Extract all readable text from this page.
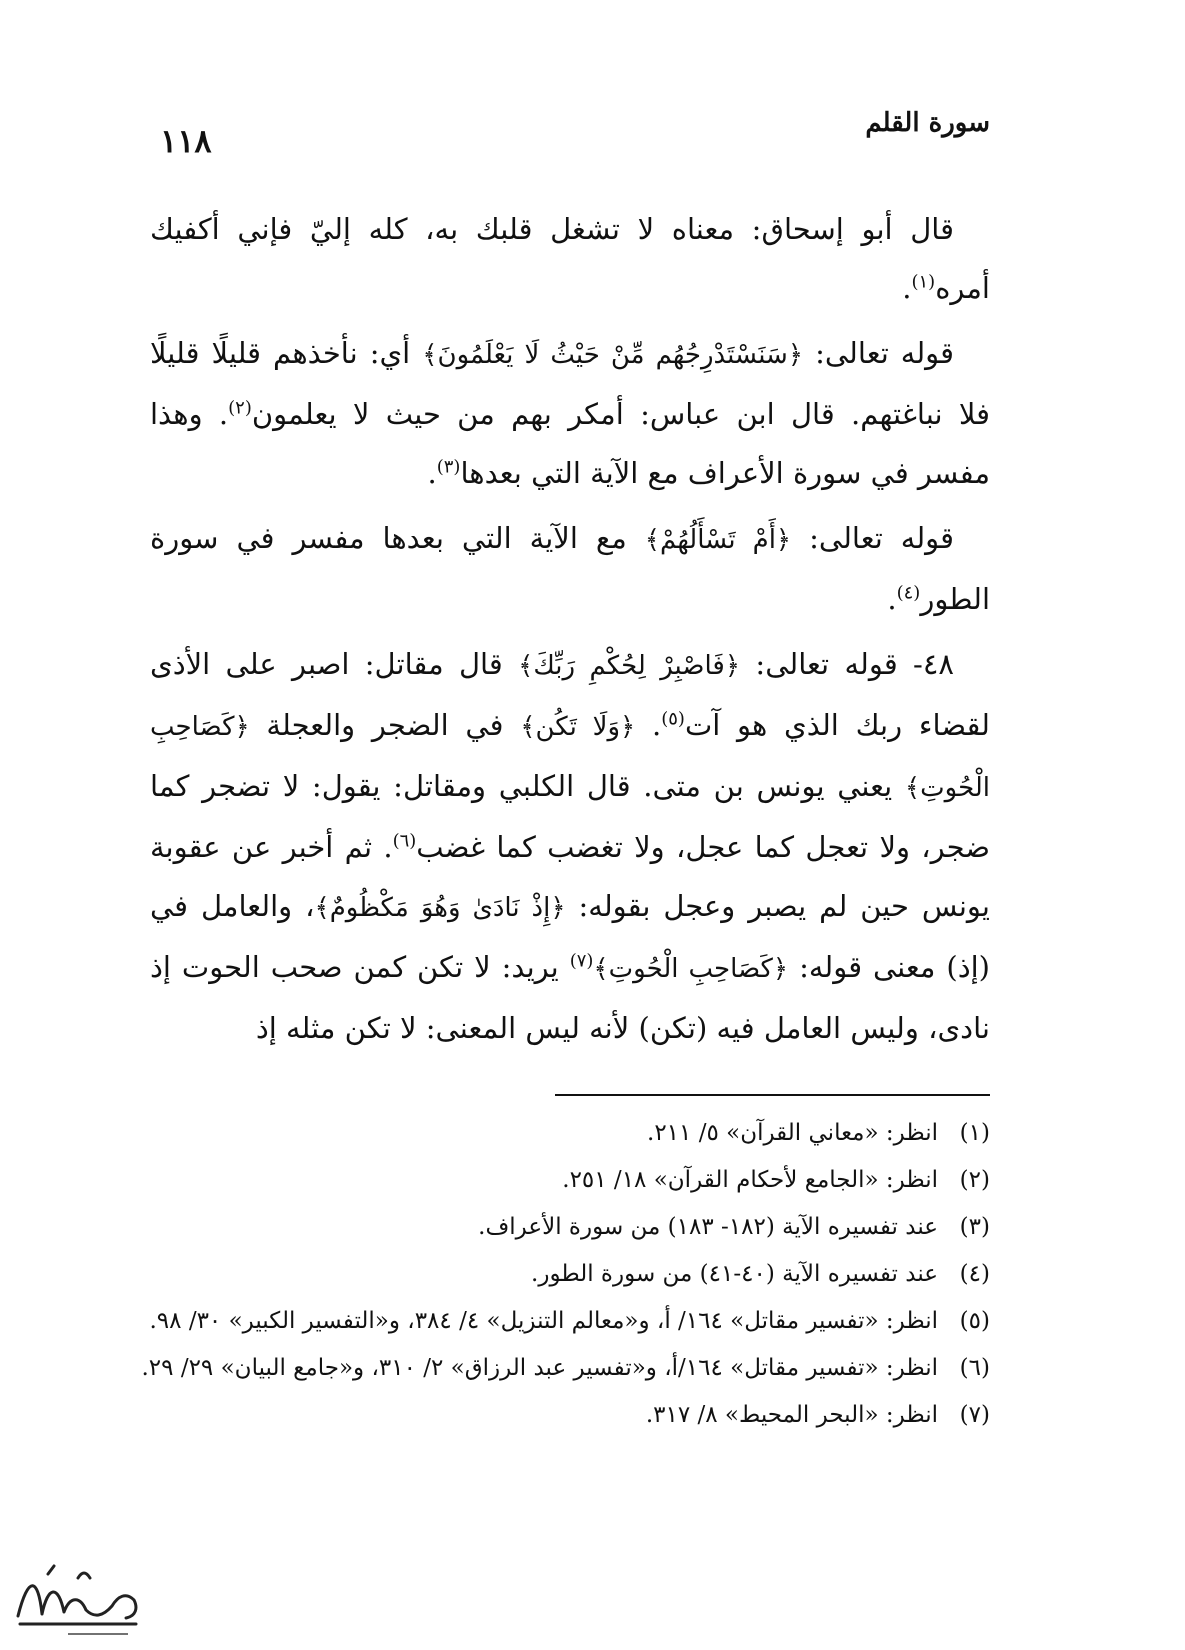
١١٨	سورة القلم

قال أبو إسحاق: معناه لا تشغل قلبك به، كله إليّ فإني أكفيك أمره$^{(١)}$.

قوله تعالى: ﴿سَنَسْتَدْرِجُهُم مِّنْ حَيْثُ لَا يَعْلَمُونَ﴾ أي: نأخذهم قليلًا قليلًا فلا نباغتهم. قال ابن عباس: أمكر بهم من حيث لا يعلمون$^{(٢)}$. وهذا مفسر في سورة الأعراف مع الآية التي بعدها$^{(٣)}$.

قوله تعالى: ﴿أَمْ تَسْأَلُهُمْ﴾ مع الآية التي بعدها مفسر في سورة الطور$^{(٤)}$.

٤٨- قوله تعالى: ﴿فَاصْبِرْ لِحُكْمِ رَبِّكَ﴾ قال مقاتل: اصبر على الأذى لقضاء ربك الذي هو آت$^{(٥)}$. ﴿وَلَا تَكُن﴾ في الضجر والعجلة ﴿كَصَاحِبِ الْحُوتِ﴾ يعني يونس بن متى. قال الكلبي ومقاتل: يقول: لا تضجر كما ضجر، ولا تعجل كما عجل، ولا تغضب كما غضب$^{(٦)}$. ثم أخبر عن عقوبة يونس حين لم يصبر وعجل بقوله: ﴿إِذْ نَادَىٰ وَهُوَ مَكْظُومٌ﴾، والعامل في (إذ) معنى قوله: ﴿كَصَاحِبِ الْحُوتِ﴾$^{(٧)}$ يريد: لا تكن كمن صحب الحوت إذ نادى، وليس العامل فيه (تكن) لأنه ليس المعنى: لا تكن مثله إذ

(١)
انظر: «معاني القرآن» ٥/ ٢١١.
(٢)
انظر: «الجامع لأحكام القرآن» ١٨/ ٢٥١.
(٣)
عند تفسيره الآية (١٨٢- ١٨٣) من سورة الأعراف.
(٤)
عند تفسيره الآية (٤٠-٤١) من سورة الطور.
(٥)
انظر: «تفسير مقاتل» ١٦٤/ أ، و«معالم التنزيل» ٤/ ٣٨٤، و«التفسير الكبير» ٣٠/ ٩٨.
(٦)
انظر: «تفسير مقاتل» ١٦٤/أ، و«تفسير عبد الرزاق» ٢/ ٣١٠، و«جامع البيان» ٢٩/ ٢٩.
(٧)
انظر: «البحر المحيط» ٨/ ٣١٧.
